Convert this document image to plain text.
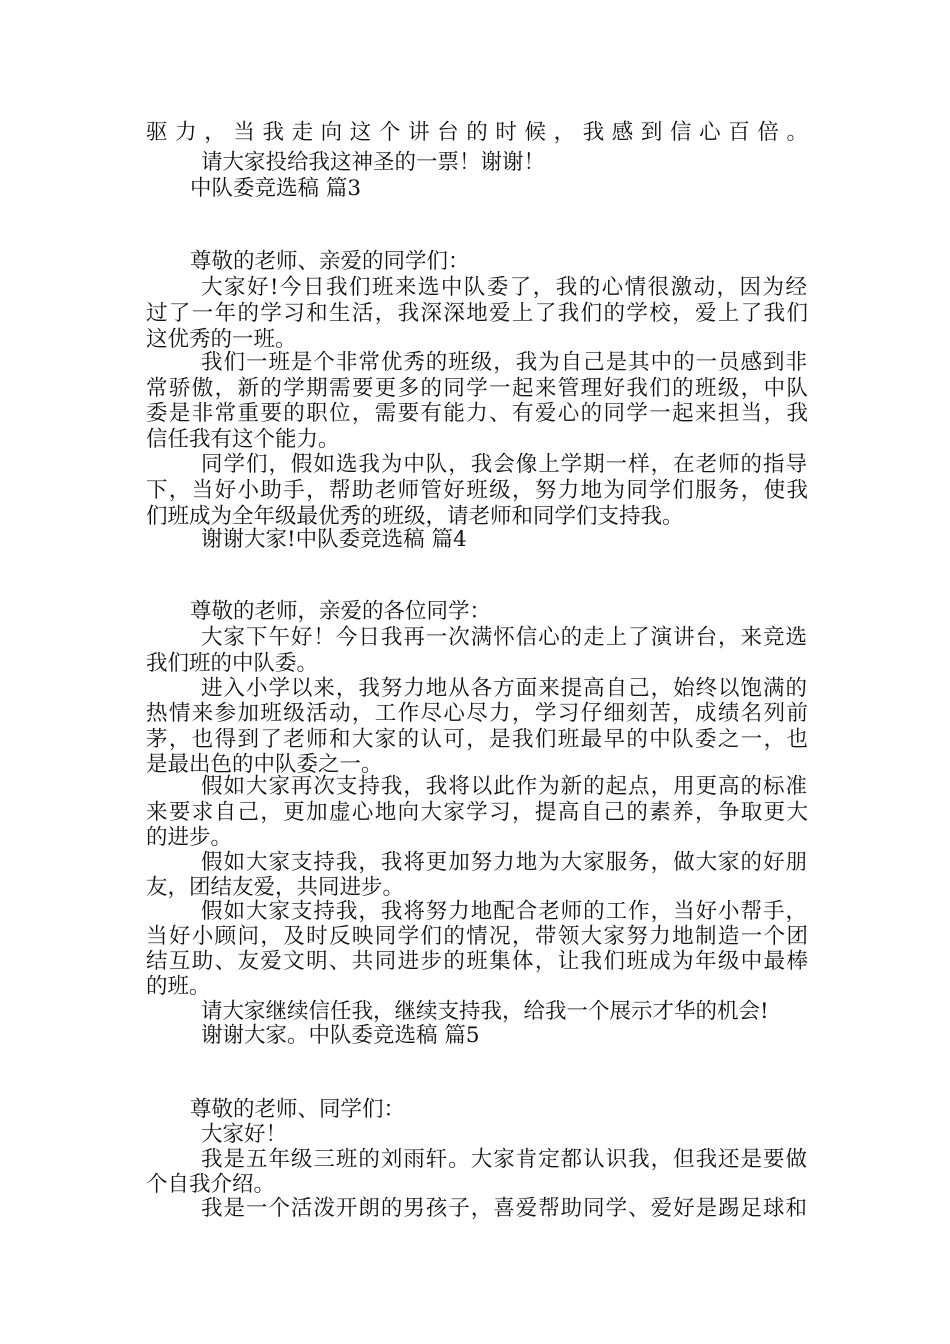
驱力，当我走向这个讲台的时候，我感到信心百倍。
请大家投给我这神圣的一票！谢谢！
中队委竞选稿 篇3
尊敬的老师、亲爱的同学们：
大家好!今日我们班来选中队委了，我的心情很激动，因为经
过了一年的学习和生活，我深深地爱上了我们的学校，爱上了我们
这优秀的一班。
我们一班是个非常优秀的班级，我为自己是其中的一员感到非
常骄傲，新的学期需要更多的同学一起来管理好我们的班级，中队
委是非常重要的职位，需要有能力、有爱心的同学一起来担当，我
信任我有这个能力。
同学们，假如选我为中队，我会像上学期一样，在老师的指导
下，当好小助手，帮助老师管好班级，努力地为同学们服务，使我
们班成为全年级最优秀的班级，请老师和同学们支持我。
谢谢大家!中队委竞选稿 篇4
尊敬的老师，亲爱的各位同学：
大家下午好！今日我再一次满怀信心的走上了演讲台，来竞选
我们班的中队委。
进入小学以来，我努力地从各方面来提高自己，始终以饱满的
热情来参加班级活动，工作尽心尽力，学习仔细刻苦，成绩名列前
茅，也得到了老师和大家的认可，是我们班最早的中队委之一，也
是最出色的中队委之一。
假如大家再次支持我，我将以此作为新的起点，用更高的标准
来要求自己，更加虚心地向大家学习，提高自己的素养，争取更大
的进步。
假如大家支持我，我将更加努力地为大家服务，做大家的好朋
友，团结友爱，共同进步。
假如大家支持我，我将努力地配合老师的工作，当好小帮手，
当好小顾问，及时反映同学们的情况，带领大家努力地制造一个团
结互助、友爱文明、共同进步的班集体，让我们班成为年级中最棒
的班。
请大家继续信任我，继续支持我，给我一个展示才华的机会!
谢谢大家。中队委竞选稿 篇5
尊敬的老师、同学们：
大家好！
我是五年级三班的刘雨轩。大家肯定都认识我，但我还是要做
个自我介绍。
我是一个活泼开朗的男孩子，喜爱帮助同学、爱好是踢足球和
